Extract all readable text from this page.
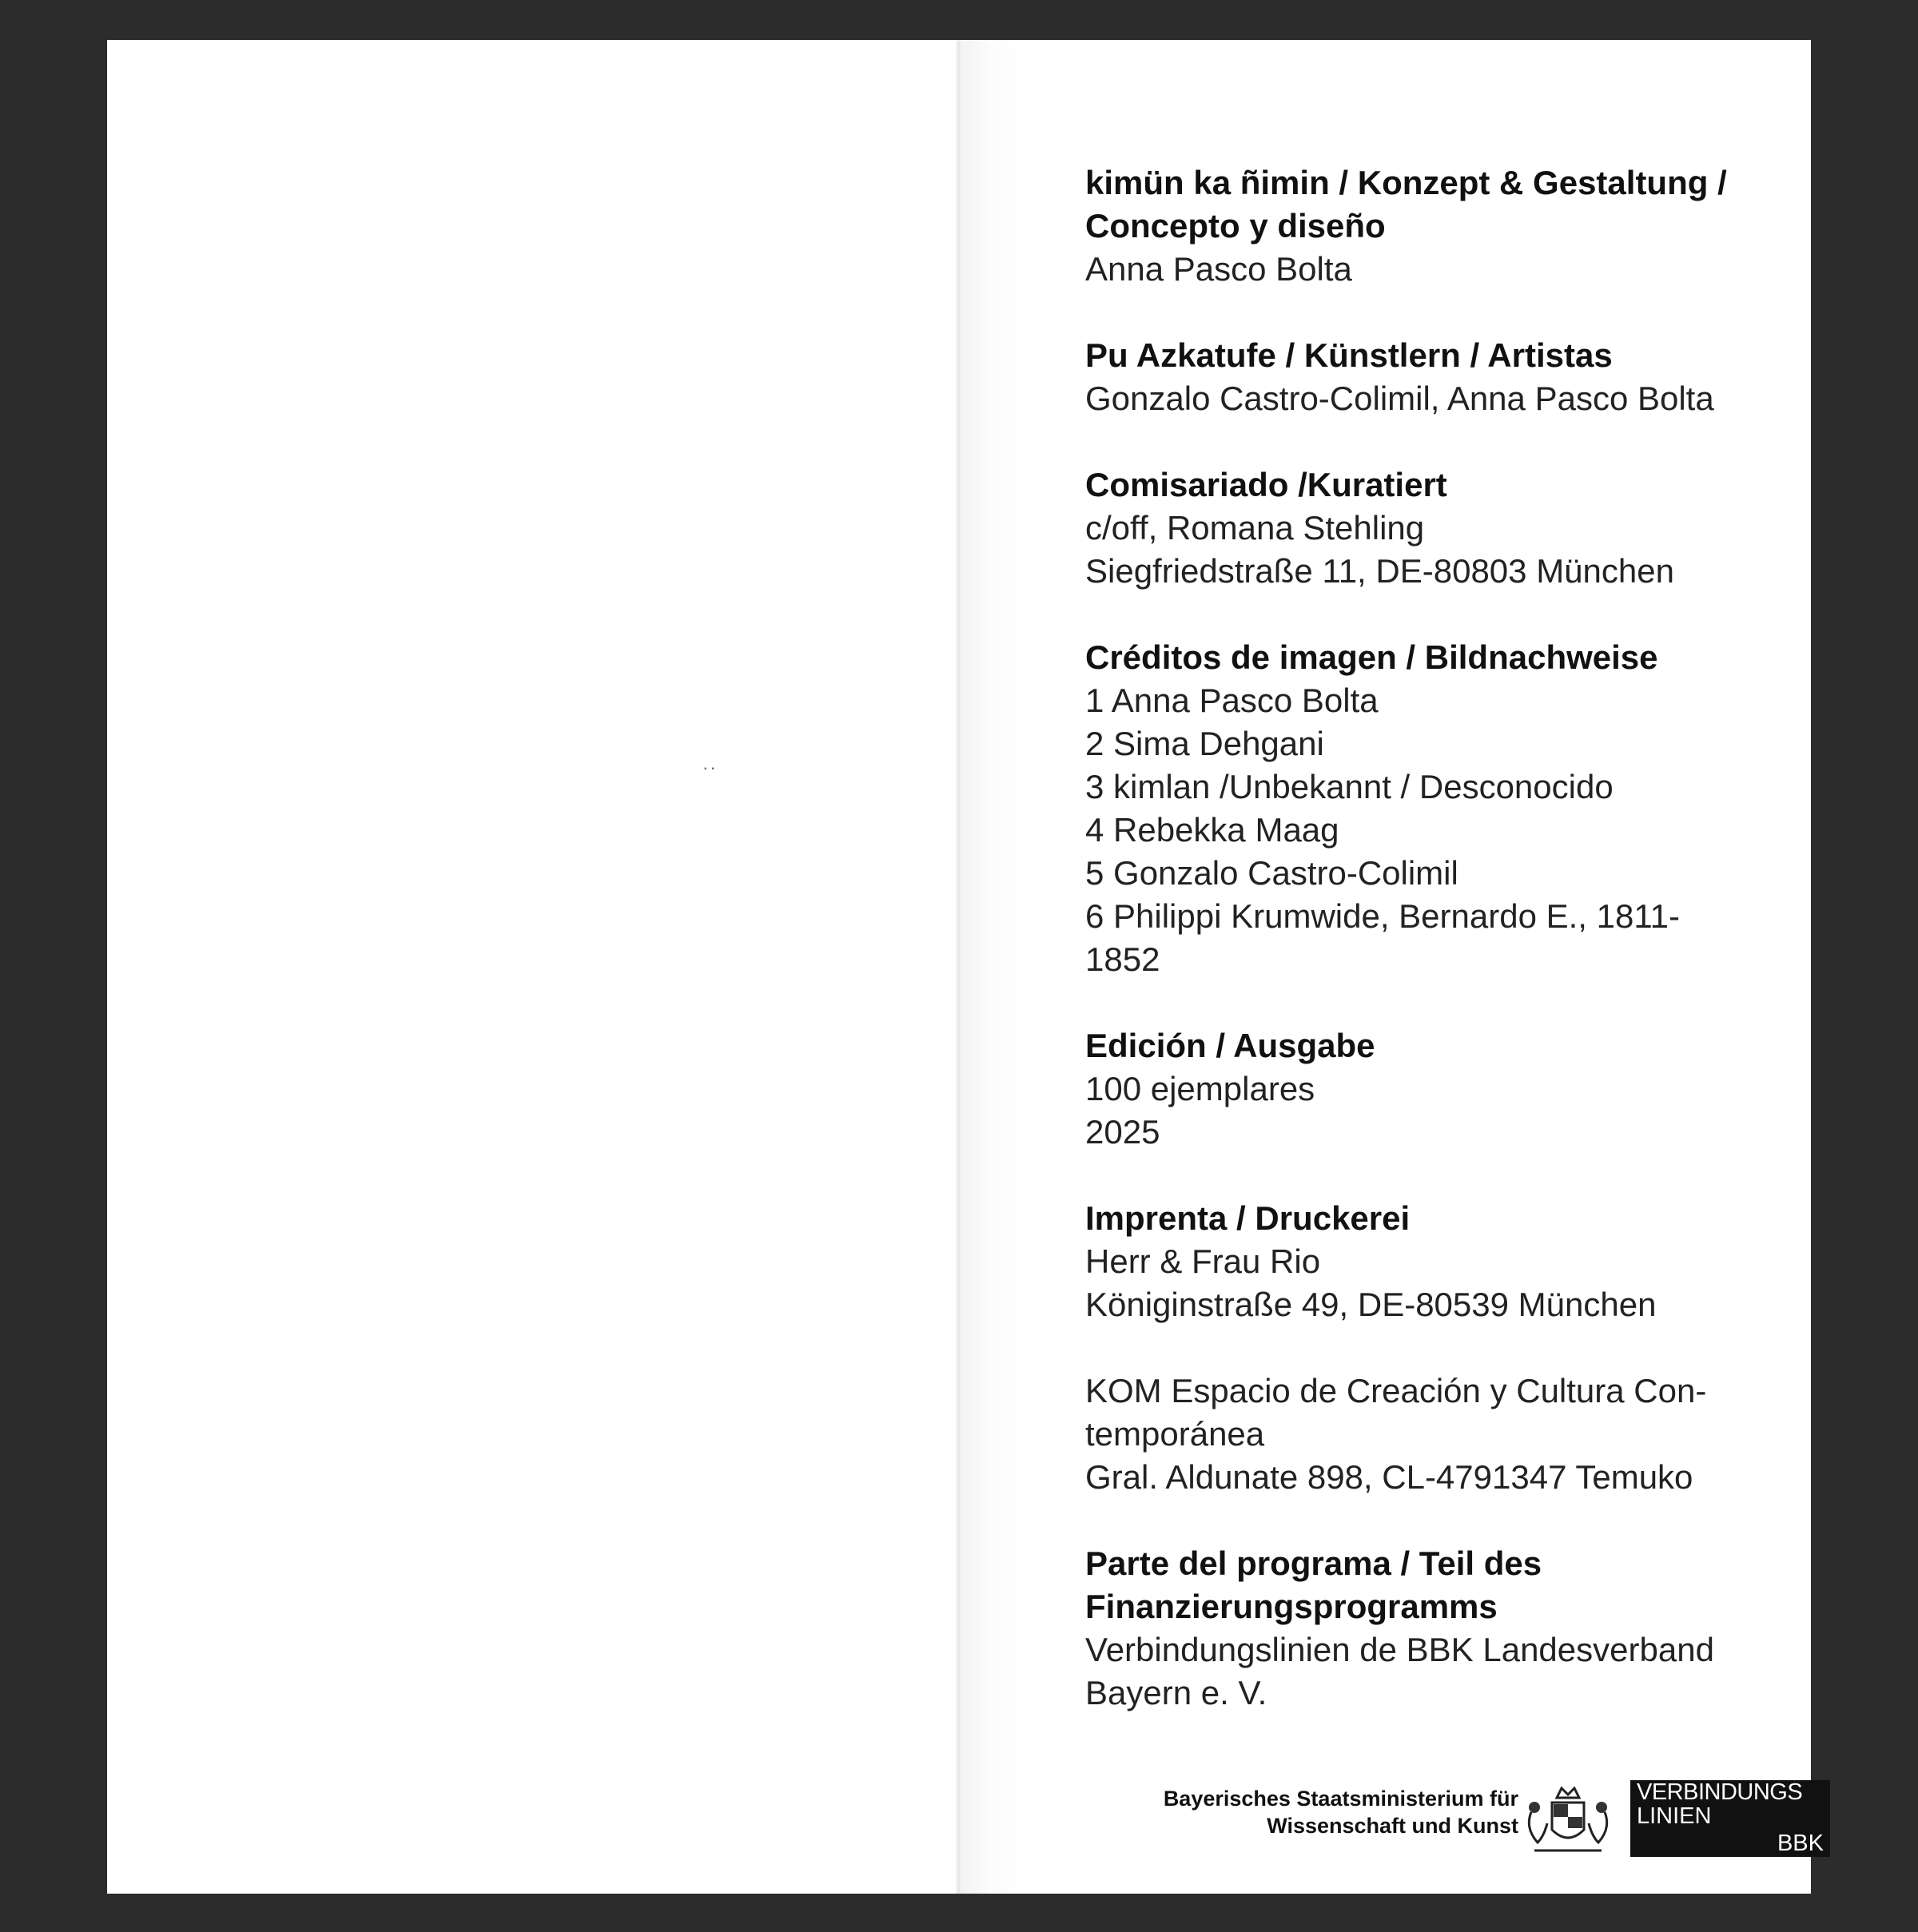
··
kimün ka ñimin / Konzept & Gestaltung /
Concepto y diseño
Anna Pasco Bolta
Pu Azkatufe / Künstlern / Artistas
Gonzalo Castro-Colimil, Anna Pasco Bolta
Comisariado /Kuratiert
c/off, Romana Stehling
Siegfriedstraße 11, DE-80803 München
Créditos de imagen / Bildnachweise
1 Anna Pasco Bolta
2 Sima Dehgani
3 kimlan /Unbekannt / Desconocido
4 Rebekka Maag
5 Gonzalo Castro-Colimil
6 Philippi Krumwide, Bernardo E., 1811-
1852
Edición / Ausgabe
100 ejemplares
2025
Imprenta / Druckerei
Herr & Frau Rio
Königinstraße 49, DE-80539 München
KOM Espacio de Creación y Cultura Con-
temporánea
Gral. Aldunate 898, CL-4791347 Temuko
Parte del programa / Teil des
Finanzierungsprogramms
Verbindungslinien de BBK Landesverband
Bayern e. V.
Bayerisches Staatsministerium für
Wissenschaft und Kunst
VERBINDUNGS
LINIEN
BBK
